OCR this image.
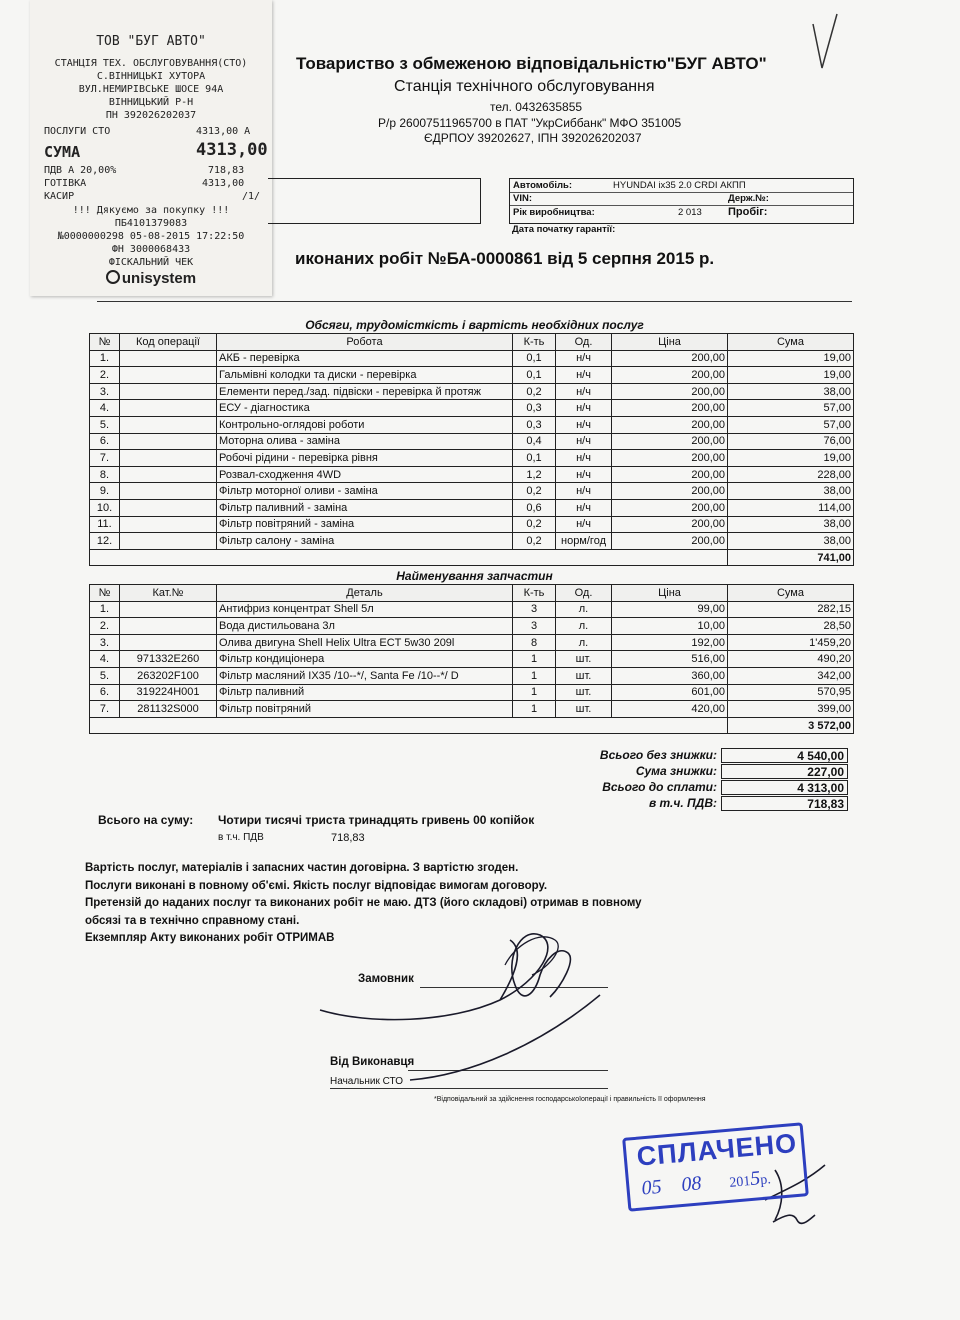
ТОВ "БУГ АВТО"
СТАНЦІЯ ТЕХ. ОБСЛУГОВУВАННЯ(СТО)
С.ВІННИЦЬКІ ХУТОРА
ВУЛ.НЕМИРІВСЬКЕ ШОСЕ 94А
ВІННИЦЬКИЙ Р-Н
ПН 392026202037
ПОСЛУГИ СТО	4313,00 А
СУМА	4313,00
ПДВ А 20,00%	718,83
ГОТІВКА	4313,00
КАСИР	/1/
!!! Дякуємо за покупку !!!
ПБ4101379083
№0000000298 05-08-2015 17:22:50
ФН 3000068433
ФІСКАЛЬНИЙ ЧЕК
unisystem
Товариство з обмеженою відповідальністю"БУГ АВТО"
Станція технічного обслуговування
тел. 0432635855
Р/р 26007511965700 в ПАТ "УкрСиббанк" МФО 351005
ЄДРПОУ 39202627, ІПН 392026202037
Автомобіль:	HYUNDAI ix35 2.0 CRDI АКПП
VIN:	Держ.№:
Рік виробництва:	2 013 Пробіг:
Дата початку гарантії:
иконаних робіт №БА-0000861 від 5 серпня 2015 р.
Обсяги, трудомісткість і вартість необхідних послуг
№	Код операції	Робота	К-ть	Од.	Ціна	Сума
1.		АКБ - перевірка	0,1	н/ч	200,00	19,00
2.		Гальмівні колодки та диски - перевірка	0,1	н/ч	200,00	19,00
3.		Елементи перед./зад. підвіски - перевірка й протяж	0,2	н/ч	200,00	38,00
4.		ЕСУ - діагностика	0,3	н/ч	200,00	57,00
5.		Контрольно-оглядові роботи	0,3	н/ч	200,00	57,00
6.		Моторна олива - заміна	0,4	н/ч	200,00	76,00
7.		Робочі рідини - перевірка рівня	0,1	н/ч	200,00	19,00
8.		Розвал-сходження 4WD	1,2	н/ч	200,00	228,00
9.		Фільтр моторної оливи - заміна	0,2	н/ч	200,00	38,00
10.		Фільтр паливний - заміна	0,6	н/ч	200,00	114,00
11.		Фільтр повітряний - заміна	0,2	н/ч	200,00	38,00
12.		Фільтр салону - заміна	0,2	норм/год	200,00	38,00
						741,00
Найменування запчастин
№	Кат.№	Деталь	К-ть	Од.	Ціна	Сума
1.		Антифриз концентрат Shell 5л	3	л.	99,00	282,15
2.		Вода дистильована 3л	3	л.	10,00	28,50
3.		Олива двигуна Shell Helix Ultra ECT 5w30 209l	8	л.	192,00	1'459,20
4.	971332E260	Фільтр кондиціонера	1	шт.	516,00	490,20
5.	263202F100	Фільтр масляний IX35 /10--*/, Santa Fe /10--*/ D	1	шт.	360,00	342,00
6.	319224H001	Фільтр паливний	1	шт.	601,00	570,95
7.	281132S000	Фільтр повітряний	1	шт.	420,00	399,00
						3 572,00
Всього без знижки:	4 540,00
Сума знижки:	227,00
Всього до сплати:	4 313,00
в т.ч. ПДВ:	718,83
Всього на суму: Чотири тисячі триста тринадцять гривень 00 копійок
в т.ч. ПДВ	718,83
Вартість послуг, матеріалів і запасних частин договірна. З вартістю згоден.
Послуги виконані в повному об'ємі. Якість послуг відповідає вимогам договору.
Претензій до наданих послуг та виконаних робіт не маю. ДТЗ (його складові) отримав в повному
обсязі та в технічно справному стані.
Екземпляр Акту виконаних робіт ОТРИМАВ
Замовник
Від Виконавця
Начальник СТО
*Відповідальний за здійснення господарськоїоперації і правильність її оформлення
СПЛАЧЕНО
05 08 2015р.
